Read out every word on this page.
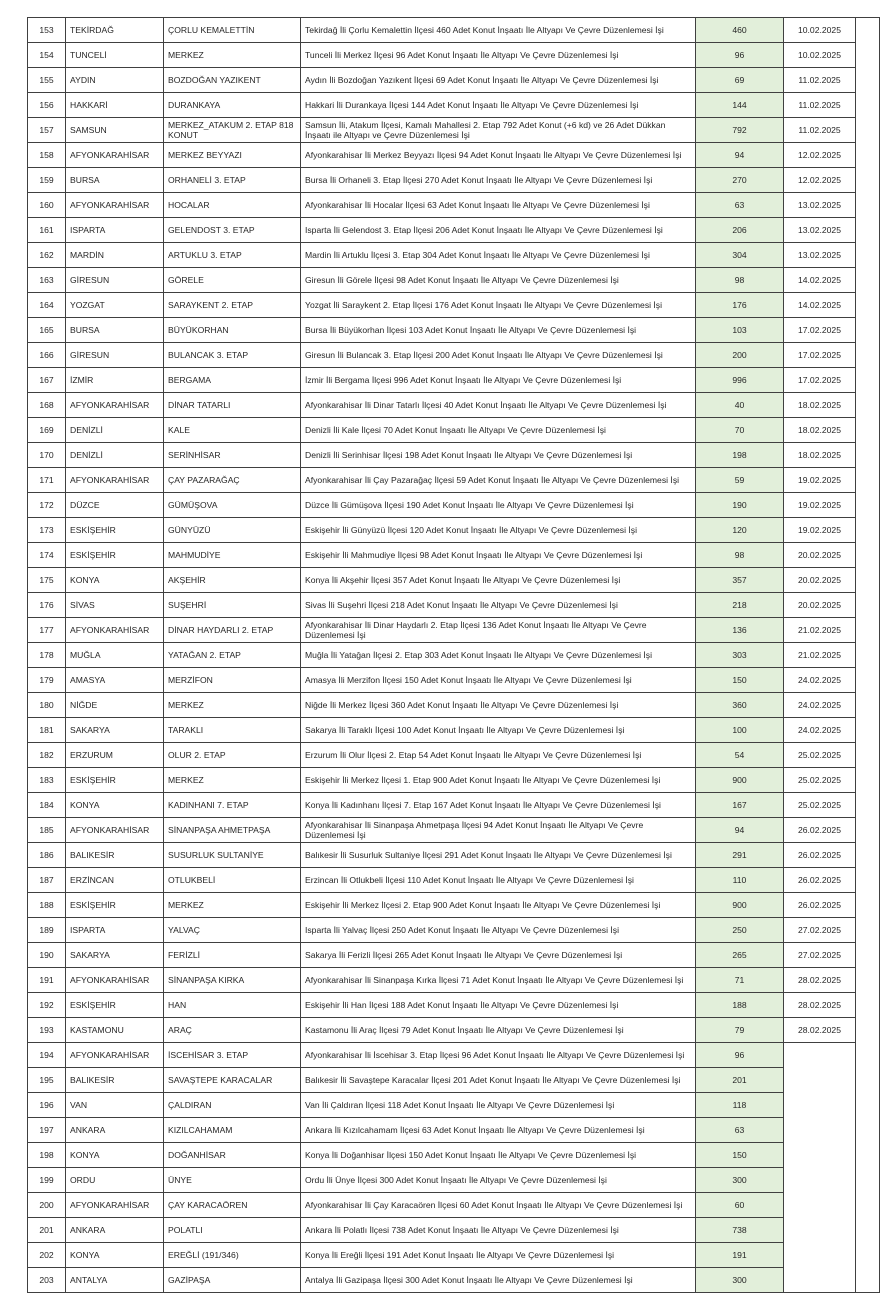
153	TEKİRDAĞ	ÇORLU KEMALETTİN	Tekirdağ İli Çorlu Kemalettin İlçesi 460 Adet Konut İnşaatı İle Altyapı Ve Çevre Düzenlemesi İşi	460	10.02.2025	
154	TUNCELİ	MERKEZ	Tunceli İli Merkez İlçesi 96 Adet Konut İnşaatı İle Altyapı Ve Çevre Düzenlemesi İşi	96	10.02.2025	
155	AYDIN	BOZDOĞAN YAZIKENT	Aydın İli Bozdoğan Yazıkent İlçesi 69 Adet Konut İnşaatı İle Altyapı Ve Çevre Düzenlemesi İşi	69	11.02.2025	
156	HAKKARİ	DURANKAYA	Hakkari İli Durankaya İlçesi 144 Adet Konut İnşaatı İle Altyapı Ve Çevre Düzenlemesi İşi	144	11.02.2025	
157	SAMSUN	MERKEZ_ATAKUM 2. ETAP 818 KONUT	Samsun İli, Atakum İlçesi, Kamalı Mahallesi 2. Etap 792 Adet Konut (+6 kd) ve 26 Adet Dükkan İnşaatı ile Altyapı ve Çevre Düzenlemesi İşi	792	11.02.2025	
158	AFYONKARAHİSAR	MERKEZ BEYYAZI	Afyonkarahisar İli Merkez Beyyazı İlçesi 94 Adet Konut İnşaatı İle Altyapı Ve Çevre Düzenlemesi İşi	94	12.02.2025	
159	BURSA	ORHANELİ 3. ETAP	Bursa İli Orhaneli 3. Etap İlçesi 270 Adet Konut İnşaatı İle Altyapı Ve Çevre Düzenlemesi İşi	270	12.02.2025	
160	AFYONKARAHİSAR	HOCALAR	Afyonkarahisar İli Hocalar İlçesi 63 Adet Konut İnşaatı İle Altyapı Ve Çevre Düzenlemesi İşi	63	13.02.2025	
161	ISPARTA	GELENDOST 3. ETAP	Isparta İli Gelendost 3. Etap İlçesi 206 Adet Konut İnşaatı İle Altyapı Ve Çevre Düzenlemesi İşi	206	13.02.2025	
162	MARDİN	ARTUKLU 3. ETAP	Mardin İli Artuklu İlçesi 3. Etap 304 Adet Konut İnşaatı İle Altyapı Ve Çevre Düzenlemesi İşi	304	13.02.2025	
163	GİRESUN	GÖRELE	Giresun İli Görele İlçesi 98 Adet Konut İnşaatı İle Altyapı Ve Çevre Düzenlemesi İşi	98	14.02.2025	
164	YOZGAT	SARAYKENT 2. ETAP	Yozgat İli Saraykent 2. Etap İlçesi 176 Adet Konut İnşaatı İle Altyapı Ve Çevre Düzenlemesi İşi	176	14.02.2025	
165	BURSA	BÜYÜKORHAN	Bursa İli Büyükorhan İlçesi 103 Adet Konut İnşaatı İle Altyapı Ve Çevre Düzenlemesi İşi	103	17.02.2025	
166	GİRESUN	BULANCAK 3. ETAP	Giresun İli Bulancak 3. Etap İlçesi 200 Adet Konut İnşaatı İle Altyapı Ve Çevre Düzenlemesi İşi	200	17.02.2025	
167	İZMİR	BERGAMA	İzmir İli Bergama İlçesi 996 Adet Konut İnşaatı İle Altyapı Ve Çevre Düzenlemesi İşi	996	17.02.2025	
168	AFYONKARAHİSAR	DİNAR TATARLI	Afyonkarahisar İli Dinar Tatarlı İlçesi 40 Adet Konut İnşaatı İle Altyapı Ve Çevre Düzenlemesi İşi	40	18.02.2025	
169	DENİZLİ	KALE	Denizli İli Kale İlçesi 70 Adet Konut İnşaatı İle Altyapı Ve Çevre Düzenlemesi İşi	70	18.02.2025	
170	DENİZLİ	SERİNHİSAR	Denizli İli Serinhisar İlçesi 198 Adet Konut İnşaatı İle Altyapı Ve Çevre Düzenlemesi İşi	198	18.02.2025	
171	AFYONKARAHİSAR	ÇAY PAZARAĞAÇ	Afyonkarahisar İli Çay Pazarağaç İlçesi 59 Adet Konut İnşaatı İle Altyapı Ve Çevre Düzenlemesi İşi	59	19.02.2025	
172	DÜZCE	GÜMÜŞOVA	Düzce İli Gümüşova İlçesi 190 Adet Konut İnşaatı İle Altyapı Ve Çevre Düzenlemesi İşi	190	19.02.2025	
173	ESKİŞEHİR	GÜNYÜZÜ	Eskişehir İli Günyüzü İlçesi 120 Adet Konut İnşaatı İle Altyapı Ve Çevre Düzenlemesi İşi	120	19.02.2025	
174	ESKİŞEHİR	MAHMUDİYE	Eskişehir İli Mahmudiye İlçesi 98 Adet Konut İnşaatı İle Altyapı Ve Çevre Düzenlemesi İşi	98	20.02.2025	
175	KONYA	AKŞEHİR	Konya İli Akşehir İlçesi 357 Adet Konut İnşaatı İle Altyapı Ve Çevre Düzenlemesi İşi	357	20.02.2025	
176	SİVAS	SUŞEHRİ	Sivas İli Suşehri İlçesi 218 Adet Konut İnşaatı İle Altyapı Ve Çevre Düzenlemesi İşi	218	20.02.2025	
177	AFYONKARAHİSAR	DİNAR HAYDARLI 2. ETAP	Afyonkarahisar İli Dinar Haydarlı 2. Etap İlçesi 136 Adet Konut İnşaatı İle Altyapı Ve Çevre Düzenlemesi İşi	136	21.02.2025	
178	MUĞLA	YATAĞAN 2. ETAP	Muğla İli Yatağan İlçesi 2. Etap 303 Adet Konut İnşaatı İle Altyapı Ve Çevre Düzenlemesi İşi	303	21.02.2025	
179	AMASYA	MERZİFON	Amasya İli Merzifon İlçesi 150 Adet Konut İnşaatı İle Altyapı Ve Çevre Düzenlemesi İşi	150	24.02.2025	
180	NİĞDE	MERKEZ	Niğde İli Merkez İlçesi 360 Adet Konut İnşaatı İle Altyapı Ve Çevre Düzenlemesi İşi	360	24.02.2025	
181	SAKARYA	TARAKLI	Sakarya İli Taraklı İlçesi 100 Adet Konut İnşaatı İle Altyapı Ve Çevre Düzenlemesi İşi	100	24.02.2025	
182	ERZURUM	OLUR 2. ETAP	Erzurum İli Olur İlçesi 2. Etap 54 Adet Konut İnşaatı İle Altyapı Ve Çevre Düzenlemesi İşi	54	25.02.2025	
183	ESKİŞEHİR	MERKEZ	Eskişehir İli Merkez İlçesi 1. Etap 900 Adet Konut İnşaatı İle Altyapı Ve Çevre Düzenlemesi İşi	900	25.02.2025	
184	KONYA	KADINHANI 7. ETAP	Konya İli Kadınhanı İlçesi 7. Etap 167 Adet Konut İnşaatı İle Altyapı Ve Çevre Düzenlemesi İşi	167	25.02.2025	
185	AFYONKARAHİSAR	SİNANPAŞA AHMETPAŞA	Afyonkarahisar İli Sinanpaşa Ahmetpaşa İlçesi 94 Adet Konut İnşaatı İle Altyapı Ve Çevre Düzenlemesi İşi	94	26.02.2025	
186	BALIKESİR	SUSURLUK SULTANİYE	Balıkesir İli Susurluk Sultaniye İlçesi 291 Adet Konut İnşaatı İle Altyapı Ve Çevre Düzenlemesi İşi	291	26.02.2025	
187	ERZİNCAN	OTLUKBELİ	Erzincan İli Otlukbeli İlçesi 110 Adet Konut İnşaatı İle Altyapı Ve Çevre Düzenlemesi İşi	110	26.02.2025	
188	ESKİŞEHİR	MERKEZ	Eskişehir İli Merkez İlçesi 2. Etap 900 Adet Konut İnşaatı İle Altyapı Ve Çevre Düzenlemesi İşi	900	26.02.2025	
189	ISPARTA	YALVAÇ	Isparta İli Yalvaç İlçesi 250 Adet Konut İnşaatı İle Altyapı Ve Çevre Düzenlemesi İşi	250	27.02.2025	
190	SAKARYA	FERİZLİ	Sakarya İli Ferizli İlçesi 265 Adet Konut İnşaatı İle Altyapı Ve Çevre Düzenlemesi İşi	265	27.02.2025	
191	AFYONKARAHİSAR	SİNANPAŞA KIRKA	Afyonkarahisar İli Sinanpaşa Kırka İlçesi 71 Adet Konut İnşaatı İle Altyapı Ve Çevre Düzenlemesi İşi	71	28.02.2025	
192	ESKİŞEHİR	HAN	Eskişehir İli Han İlçesi 188 Adet Konut İnşaatı İle Altyapı Ve Çevre Düzenlemesi İşi	188	28.02.2025	
193	KASTAMONU	ARAÇ	Kastamonu İli Araç İlçesi 79 Adet Konut İnşaatı İle Altyapı Ve Çevre Düzenlemesi İşi	79	28.02.2025	
194	AFYONKARAHİSAR	İSCEHİSAR 3. ETAP	Afyonkarahisar İli İscehisar 3. Etap İlçesi 96 Adet Konut İnşaatı İle Altyapı Ve Çevre Düzenlemesi İşi	96		
195	BALIKESİR	SAVAŞTEPE KARACALAR	Balıkesir İli Savaştepe Karacalar İlçesi 201 Adet Konut İnşaatı İle Altyapı Ve Çevre Düzenlemesi İşi	201		
196	VAN	ÇALDIRAN	Van İli Çaldıran İlçesi 118 Adet Konut İnşaatı İle Altyapı Ve Çevre Düzenlemesi İşi	118		
197	ANKARA	KIZILCAHAMAM	Ankara İli Kızılcahamam İlçesi 63 Adet Konut İnşaatı İle Altyapı Ve Çevre Düzenlemesi İşi	63		
198	KONYA	DOĞANHİSAR	Konya İli Doğanhisar İlçesi 150 Adet Konut İnşaatı İle Altyapı Ve Çevre Düzenlemesi İşi	150		
199	ORDU	ÜNYE	Ordu İli Ünye İlçesi 300 Adet Konut İnşaatı İle Altyapı Ve Çevre Düzenlemesi İşi	300		
200	AFYONKARAHİSAR	ÇAY KARACAÖREN	Afyonkarahisar İli Çay Karacaören İlçesi 60 Adet Konut İnşaatı İle Altyapı Ve Çevre Düzenlemesi İşi	60		
201	ANKARA	POLATLI	Ankara İli Polatlı İlçesi 738 Adet Konut İnşaatı İle Altyapı Ve Çevre Düzenlemesi İşi	738		
202	KONYA	EREĞLİ (191/346)	Konya İli Ereğli İlçesi 191 Adet Konut İnşaatı İle Altyapı Ve Çevre Düzenlemesi İşi	191		
203	ANTALYA	GAZİPAŞA	Antalya İli Gazipaşa İlçesi 300 Adet Konut İnşaatı İle Altyapı Ve Çevre Düzenlemesi İşi	300		
